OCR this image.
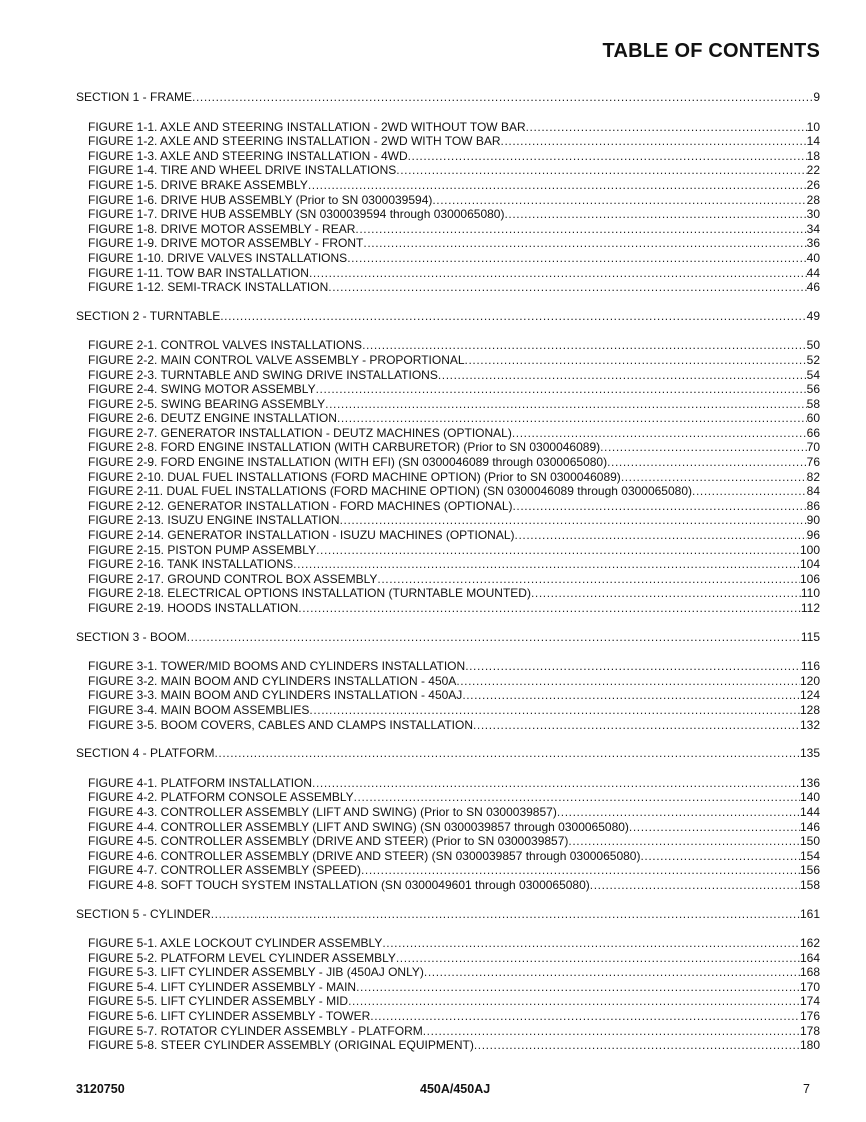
TABLE OF CONTENTS
SECTION 1 - FRAME .....	9
FIGURE 1-1. AXLE AND STEERING INSTALLATION - 2WD WITHOUT TOW BAR .....	10
FIGURE 1-2. AXLE AND STEERING INSTALLATION - 2WD WITH TOW BAR .....	14
FIGURE 1-3. AXLE AND STEERING INSTALLATION - 4WD .....	18
FIGURE 1-4. TIRE AND WHEEL DRIVE INSTALLATIONS .....	22
FIGURE 1-5. DRIVE BRAKE ASSEMBLY .....	26
FIGURE 1-6. DRIVE HUB ASSEMBLY (Prior to SN 0300039594) .....	28
FIGURE 1-7. DRIVE HUB ASSEMBLY (SN 0300039594 through 0300065080) .....	30
FIGURE 1-8. DRIVE MOTOR ASSEMBLY - REAR .....	34
FIGURE 1-9. DRIVE MOTOR ASSEMBLY - FRONT .....	36
FIGURE 1-10. DRIVE VALVES INSTALLATIONS .....	40
FIGURE 1-11. TOW BAR INSTALLATION .....	44
FIGURE 1-12. SEMI-TRACK INSTALLATION .....	46
SECTION 2 - TURNTABLE .....	49
FIGURE 2-1. CONTROL VALVES INSTALLATIONS .....	50
FIGURE 2-2. MAIN CONTROL VALVE ASSEMBLY - PROPORTIONAL .....	52
FIGURE 2-3. TURNTABLE AND SWING DRIVE INSTALLATIONS .....	54
FIGURE 2-4. SWING MOTOR ASSEMBLY .....	56
FIGURE 2-5. SWING BEARING ASSEMBLY .....	58
FIGURE 2-6. DEUTZ ENGINE INSTALLATION .....	60
FIGURE 2-7. GENERATOR INSTALLATION - DEUTZ MACHINES (OPTIONAL) .....	66
FIGURE 2-8. FORD ENGINE INSTALLATION (WITH CARBURETOR) (Prior to SN 0300046089) .....	70
FIGURE 2-9. FORD ENGINE INSTALLATION (WITH EFI) (SN 0300046089 through 0300065080) .....	76
FIGURE 2-10. DUAL FUEL INSTALLATIONS (FORD MACHINE OPTION) (Prior to SN 0300046089) .....	82
FIGURE 2-11. DUAL FUEL INSTALLATIONS (FORD MACHINE OPTION) (SN 0300046089 through 0300065080) .....	84
FIGURE 2-12. GENERATOR INSTALLATION - FORD MACHINES (OPTIONAL) .....	86
FIGURE 2-13. ISUZU ENGINE INSTALLATION .....	90
FIGURE 2-14. GENERATOR INSTALLATION - ISUZU MACHINES (OPTIONAL) .....	96
FIGURE 2-15. PISTON PUMP ASSEMBLY .....	100
FIGURE 2-16. TANK INSTALLATIONS .....	104
FIGURE 2-17. GROUND CONTROL BOX ASSEMBLY .....	106
FIGURE 2-18. ELECTRICAL OPTIONS INSTALLATION (TURNTABLE MOUNTED) .....	110
FIGURE 2-19. HOODS INSTALLATION .....	112
SECTION 3 - BOOM .....	115
FIGURE 3-1. TOWER/MID BOOMS AND CYLINDERS INSTALLATION .....	116
FIGURE 3-2. MAIN BOOM AND CYLINDERS INSTALLATION - 450A .....	120
FIGURE 3-3. MAIN BOOM AND CYLINDERS INSTALLATION - 450AJ .....	124
FIGURE 3-4. MAIN BOOM ASSEMBLIES .....	128
FIGURE 3-5. BOOM COVERS, CABLES AND CLAMPS INSTALLATION .....	132
SECTION 4 - PLATFORM .....	135
FIGURE 4-1. PLATFORM INSTALLATION .....	136
FIGURE 4-2. PLATFORM CONSOLE ASSEMBLY .....	140
FIGURE 4-3. CONTROLLER ASSEMBLY (LIFT AND SWING) (Prior to SN 0300039857) .....	144
FIGURE 4-4. CONTROLLER ASSEMBLY (LIFT AND SWING) (SN 0300039857 through 0300065080) .....	146
FIGURE 4-5. CONTROLLER ASSEMBLY (DRIVE AND STEER) (Prior to SN 0300039857) .....	150
FIGURE 4-6. CONTROLLER ASSEMBLY (DRIVE AND STEER) (SN 0300039857 through 0300065080) .....	154
FIGURE 4-7. CONTROLLER ASSEMBLY (SPEED) .....	156
FIGURE 4-8. SOFT TOUCH SYSTEM INSTALLATION (SN 0300049601 through 0300065080) .....	158
SECTION 5 - CYLINDER .....	161
FIGURE 5-1. AXLE LOCKOUT CYLINDER ASSEMBLY .....	162
FIGURE 5-2. PLATFORM LEVEL CYLINDER ASSEMBLY .....	164
FIGURE 5-3. LIFT CYLINDER ASSEMBLY - JIB (450AJ ONLY) .....	168
FIGURE 5-4. LIFT CYLINDER ASSEMBLY - MAIN .....	170
FIGURE 5-5. LIFT CYLINDER ASSEMBLY - MID .....	174
FIGURE 5-6. LIFT CYLINDER ASSEMBLY - TOWER .....	176
FIGURE 5-7. ROTATOR CYLINDER ASSEMBLY - PLATFORM .....	178
FIGURE 5-8. STEER CYLINDER ASSEMBLY (ORIGINAL EQUIPMENT) .....	180
3120750	450A/450AJ	7
